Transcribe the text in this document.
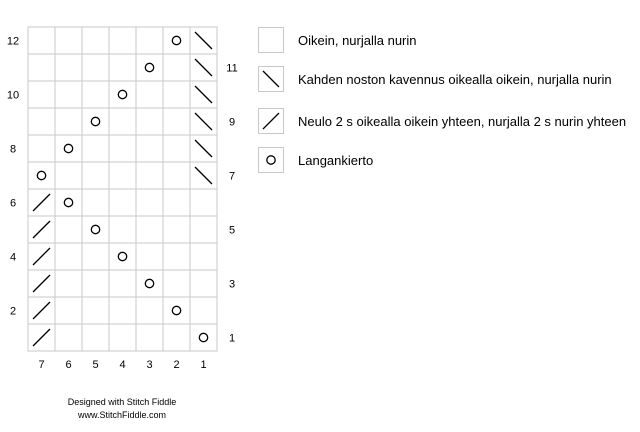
7 6 5 4 3 2 1
12
10
8
6
4
2
11
9
7
5
3
1
Oikein, nurjalla nurin
Kahden noston kavennus oikealla oikein, nurjalla nurin
Neulo 2 s oikealla oikein yhteen, nurjalla 2 s nurin yhteen
Langankierto
Designed with Stitch Fiddle
www.StitchFiddle.com
